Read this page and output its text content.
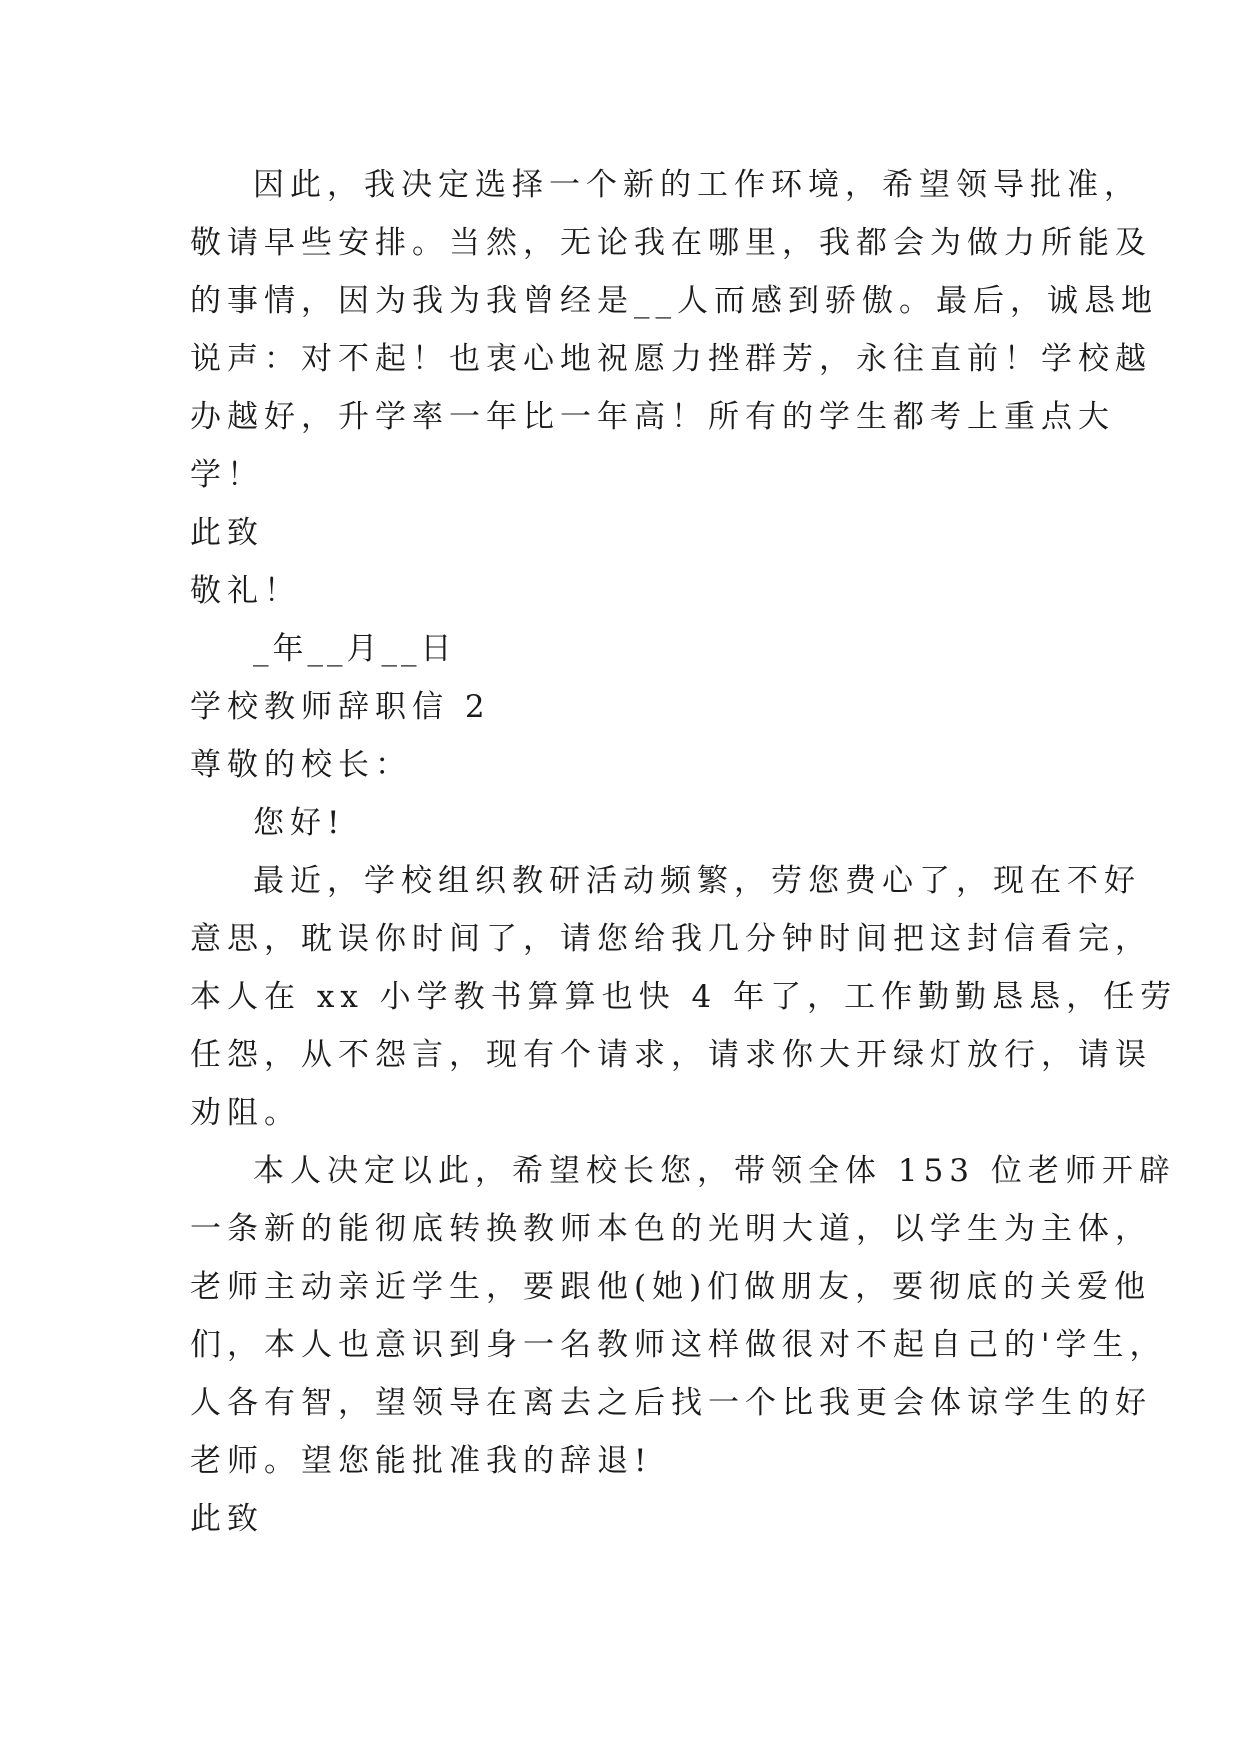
因此，我决定选择一个新的工作环境，希望领导批准，
敬请早些安排。当然，无论我在哪里，我都会为做力所能及
的事情，因为我为我曾经是__人而感到骄傲。最后，诚恳地
说声：对不起！也衷心地祝愿力挫群芳，永往直前！学校越
办越好，升学率一年比一年高！所有的学生都考上重点大
学！
此致
敬礼！
_年__月__日
学校教师辞职信 2
尊敬的校长：
您好!
最近，学校组织教研活动频繁，劳您费心了，现在不好
意思，耽误你时间了，请您给我几分钟时间把这封信看完，
本人在 xx 小学教书算算也快 4 年了，工作勤勤恳恳，任劳
任怨，从不怨言，现有个请求，请求你大开绿灯放行，请误
劝阻。
本人决定以此，希望校长您，带领全体 153 位老师开辟
一条新的能彻底转换教师本色的光明大道，以学生为主体，
老师主动亲近学生，要跟他(她)们做朋友，要彻底的关爱他
们，本人也意识到身一名教师这样做很对不起自己的'学生，
人各有智，望领导在离去之后找一个比我更会体谅学生的好
老师。望您能批准我的辞退!
此致
